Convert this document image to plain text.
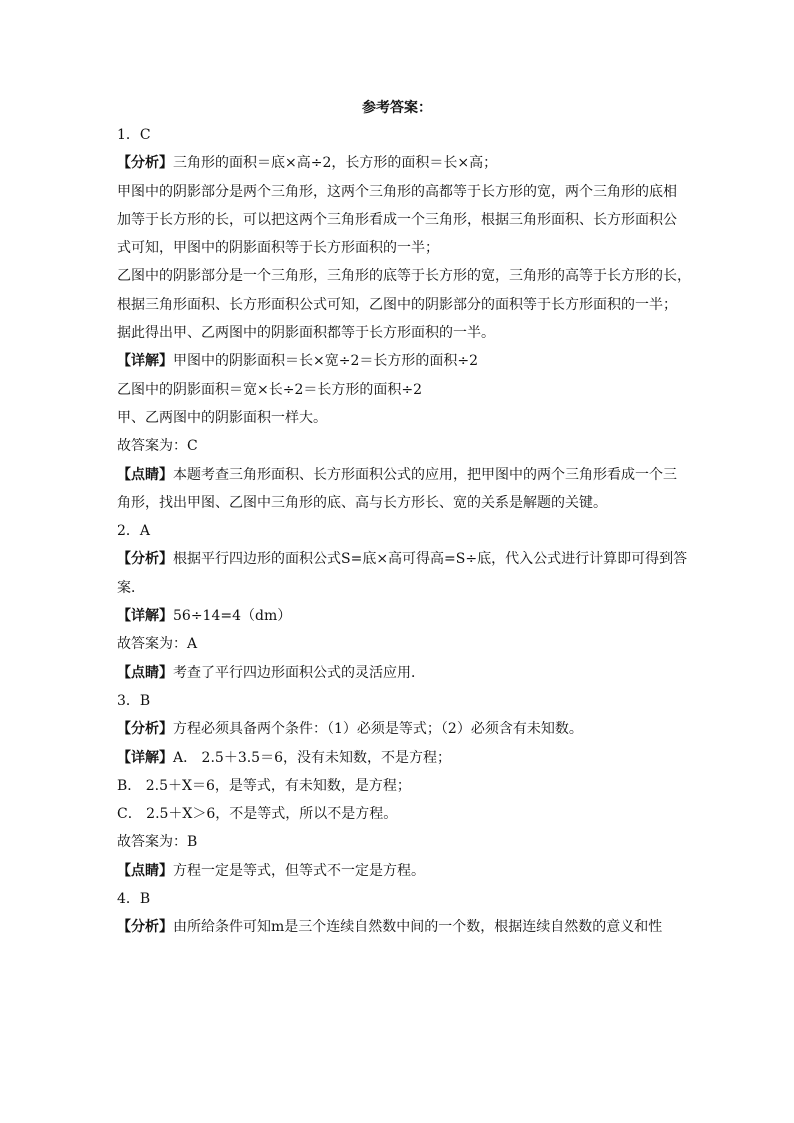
参考答案：
1．C
【分析】三角形的面积＝底×高÷2，长方形的面积＝长×高；
甲图中的阴影部分是两个三角形，这两个三角形的高都等于长方形的宽，两个三角形的底相
加等于长方形的长，可以把这两个三角形看成一个三角形，根据三角形面积、长方形面积公
式可知，甲图中的阴影面积等于长方形面积的一半；
乙图中的阴影部分是一个三角形，三角形的底等于长方形的宽，三角形的高等于长方形的长，
根据三角形面积、长方形面积公式可知，乙图中的阴影部分的面积等于长方形面积的一半；
据此得出甲、乙两图中的阴影面积都等于长方形面积的一半。
【详解】甲图中的阴影面积＝长×宽÷2＝长方形的面积÷2
乙图中的阴影面积＝宽×长÷2＝长方形的面积÷2
甲、乙两图中的阴影面积一样大。
故答案为：C
【点睛】本题考查三角形面积、长方形面积公式的应用，把甲图中的两个三角形看成一个三
角形，找出甲图、乙图中三角形的底、高与长方形长、宽的关系是解题的关键。
2．A
【分析】根据平行四边形的面积公式S=底×高可得高=S÷底，代入公式进行计算即可得到答
案．
【详解】56÷14=4（dm）
故答案为：A
【点睛】考查了平行四边形面积公式的灵活应用．
3．B
【分析】方程必须具备两个条件：（1）必须是等式；（2）必须含有未知数。
【详解】A． 2.5＋3.5＝6，没有未知数，不是方程；
B． 2.5＋X＝6，是等式，有未知数，是方程；
C． 2.5＋X＞6，不是等式，所以不是方程。
故答案为：B
【点睛】方程一定是等式，但等式不一定是方程。
4．B
【分析】由所给条件可知m是三个连续自然数中间的一个数，根据连续自然数的意义和性
